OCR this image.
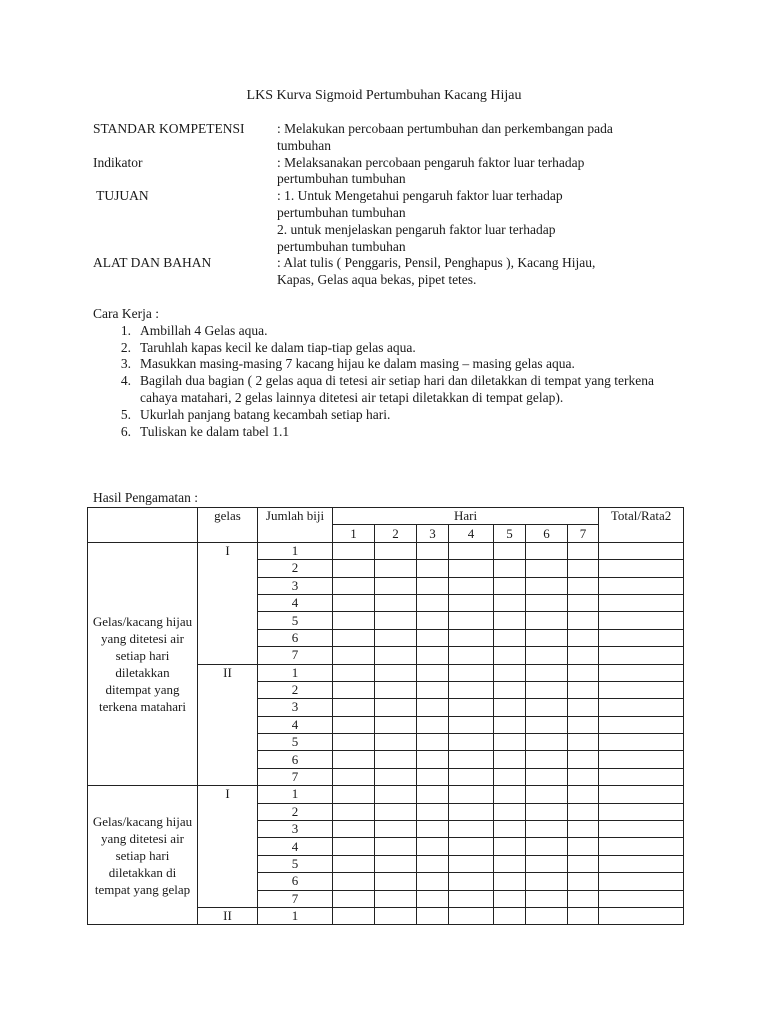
LKS Kurva Sigmoid Pertumbuhan Kacang Hijau
STANDAR KOMPETENSI	: Melakukan percobaan pertumbuhan dan perkembangan pada
tumbuhan
Indikator	: Melaksanakan percobaan pengaruh faktor luar terhadap
pertumbuhan tumbuhan
TUJUAN	: 1. Untuk Mengetahui pengaruh faktor luar terhadap
pertumbuhan tumbuhan
2. untuk menjelaskan pengaruh faktor luar terhadap
pertumbuhan tumbuhan
ALAT DAN BAHAN	: Alat tulis ( Penggaris, Pensil, Penghapus ), Kacang Hijau,
Kapas, Gelas aqua bekas, pipet tetes.
Cara Kerja :
1. Ambillah 4 Gelas aqua.
2. Taruhlah kapas kecil ke dalam tiap-tiap gelas aqua.
3. Masukkan masing-masing 7 kacang hijau ke dalam masing – masing gelas aqua.
4. Bagilah dua bagian ( 2 gelas aqua di tetesi air setiap hari dan diletakkan di tempat yang terkena cahaya matahari, 2 gelas lainnya ditetesi air tetapi diletakkan di tempat gelap).
5. Ukurlah panjang batang kecambah setiap hari.
6. Tuliskan ke dalam tabel 1.1
Hasil Pengamatan :
	gelas	Jumlah biji	Hari							Total/Rata2
			1	2	3	4	5	6	7	
Gelas/kacang hijau yang ditetesi air setiap hari diletakkan ditempat yang terkena matahari	I	1								
		2								
		3								
		4								
		5								
		6								
		7								
	II	1								
		2								
		3								
		4								
		5								
		6								
		7								
Gelas/kacang hijau yang ditetesi air setiap hari diletakkan di tempat yang gelap	I	1								
		2								
		3								
		4								
		5								
		6								
		7								
	II	1								
